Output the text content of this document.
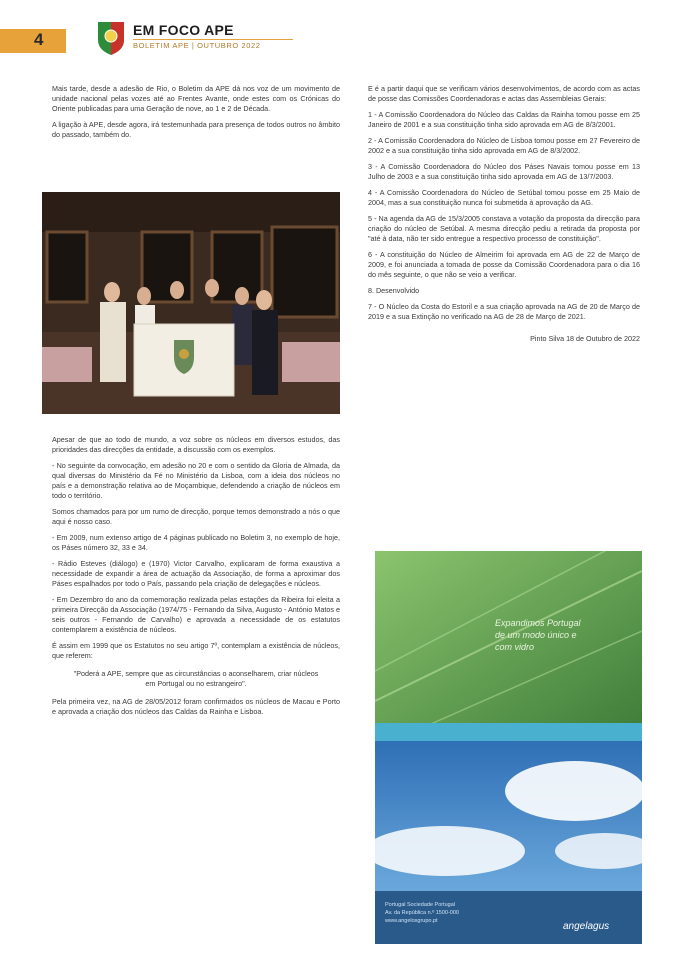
4	EM FOCO APE
BOLETIM APE | OUTUBRO 2022

Mais tarde, desde a adesão de Rio, o Boletim da APE dá nos voz de um movimento de unidade nacional pelas vozes até ao Frentes Avante, onde estes com os Crónicas do Oriente publicadas para uma Geração de nove, ao 1 e 2 de Década.

A ligação à APE, desde agora, irá testemunhada para presença de todos outros no âmbito do passado, também do.

Apesar de que ao todo de mundo, a voz sobre os núcleos em diversos estudos, das prioridades das direcções da entidade, a discussão com os exemplos.

- No seguinte da convocação, em adesão no 20 e com o sentido da Gloria de Almada, da qual diversas do Ministério da Fé no Ministério da Lisboa, com a ideia dos núcleos no país e a demonstração relativa ao de Moçambique, defendendo a criação de núcleos em todo o território.

Somos chamados para por um rumo de direcção, porque temos demonstrado a nós o que aqui é nosso caso.

- Em 2009, num extenso artigo de 4 páginas publicado no Boletim 3, no exemplo de hoje, os Páses número 32, 33 e 34.

- Rádio Esteves (diálogo) e (1970) Victor Carvalho, explicaram de forma exaustiva a necessidade de expandir a área de actuação da Associação, de forma a aproximar dos Páses espalhados por todo o País, passando pela criação de delegações e núcleos.

- Em Dezembro do ano da comemoração realizada pelas estações da Ribeira foi eleita a primeira Direcção da Associação (1974/75 - Fernando da Silva, Augusto - António Matos e seis outros - Fernando de Carvalho) e aprovada a necessidade de os estatutos contemplarem a existência de núcleos.

É assim em 1999 que os Estatutos no seu artigo 7º, contemplam a existência de núcleos, que referem:

"Poderá a APE, sempre que as circunstâncias o aconselharem, criar núcleos em Portugal ou no estrangeiro".

Pela primeira vez, na AG de 28/05/2012 foram confirmados os núcleos de Macau e Porto e aprovada a criação dos núcleos das Caldas da Rainha e Lisboa.

E é a partir daqui que se verificam vários desenvolvimentos, de acordo com as actas de posse das Comissões Coordenadoras e actas das Assembleias Gerais:

1 - A Comissão Coordenadora do Núcleo das Caldas da Rainha tomou posse em 25 Janeiro de 2001 e a sua constituição tinha sido aprovada em AG de 8/3/2001.

2 - A Comissão Coordenadora do Núcleo de Lisboa tomou posse em 27 Fevereiro de 2002 e a sua constituição tinha sido aprovada em AG de 8/3/2002.

3 - A Comissão Coordenadora do Núcleo dos Páses Navais tomou posse em 13 Julho de 2003 e a sua constituição tinha sido aprovada em AG de 13/7/2003.

4 - A Comissão Coordenadora do Núcleo de Setúbal tomou posse em 25 Maio de 2004, mas a sua constituição nunca foi submetida à aprovação da AG.

5 - Na agenda da AG de 15/3/2005 constava a votação da proposta da direcção para criação do núcleo de Setúbal. A mesma direcção pediu a retirada da proposta por "até à data, não ter sido entregue a respectivo processo de constituição".

6 - A constituição do Núcleo de Almeirim foi aprovada em AG de 22 de Março de 2009, e foi anunciada a tomada de posse da Comissão Coordenadora para o dia 16 do mês seguinte, o que não se veio a verificar.

8. Desenvolvido

7 - O Núcleo da Costa do Estoril e a sua criação aprovada na AG de 20 de Março de 2019 e a sua Extinção no verificado na AG de 28 de Março de 2021.

Pinto Silva 18 de Outubro de 2022

Expandimos Portugal
de um modo único e
com vidro
Portugal Sociedade Portugal
Av. da República n.º 1500-000
www.angelosgrupo.pt	angelagus
